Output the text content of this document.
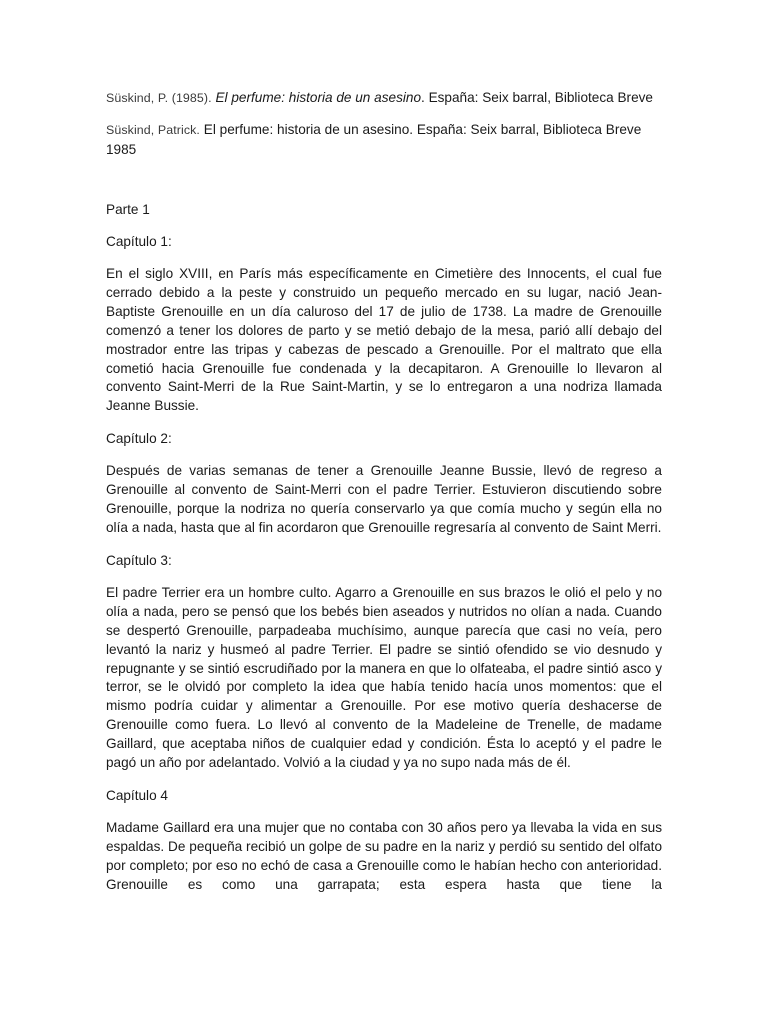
Süskind, P. (1985). El perfume: historia de un asesino. España: Seix barral, Biblioteca Breve

Süskind, Patrick. El perfume: historia de un asesino. España: Seix barral, Biblioteca Breve 1985

Parte 1

Capítulo 1:

En el siglo XVIII, en París más específicamente en Cimetière des Innocents, el cual fue cerrado debido a la peste y construido un pequeño mercado en su lugar, nació Jean-Baptiste Grenouille en un día caluroso del 17 de julio de 1738. La madre de Grenouille comenzó a tener los dolores de parto y se metió debajo de la mesa, parió allí debajo del mostrador entre las tripas y cabezas de pescado a Grenouille. Por el maltrato que ella cometió hacia Grenouille fue condenada y la decapitaron. A Grenouille lo llevaron al convento Saint-Merri de la Rue Saint-Martin, y se lo entregaron a una nodriza llamada Jeanne Bussie.

Capítulo 2:

Después de varias semanas de tener a Grenouille Jeanne Bussie, llevó de regreso a Grenouille al convento de Saint-Merri con el padre Terrier. Estuvieron discutiendo sobre Grenouille, porque la nodriza no quería conservarlo ya que comía mucho y según ella no olía a nada, hasta que al fin acordaron que Grenouille regresaría al convento de Saint Merri.

Capítulo 3:

El padre Terrier era un hombre culto. Agarro a Grenouille en sus brazos le olió el pelo y no olía a nada, pero se pensó que los bebés bien aseados y nutridos no olían a nada. Cuando se despertó Grenouille, parpadeaba muchísimo, aunque parecía que casi no veía, pero levantó la nariz y husmeó al padre Terrier. El padre se sintió ofendido se vio desnudo y repugnante y se sintió escrudiñado por la manera en que lo olfateaba, el padre sintió asco y terror, se le olvidó por completo la idea que había tenido hacía unos momentos: que el mismo podría cuidar y alimentar a Grenouille. Por ese motivo quería deshacerse de Grenouille como fuera. Lo llevó al convento de la Madeleine de Trenelle, de madame Gaillard, que aceptaba niños de cualquier edad y condición. Ésta lo aceptó y el padre le pagó un año por adelantado. Volvió a la ciudad y ya no supo nada más de él.

Capítulo 4

Madame Gaillard era una mujer que no contaba con 30 años pero ya llevaba la vida en sus espaldas. De pequeña recibió un golpe de su padre en la nariz y perdió su sentido del olfato por completo; por eso no echó de casa a Grenouille como le habían hecho con anterioridad. Grenouille es como una garrapata; esta espera hasta que tiene la
